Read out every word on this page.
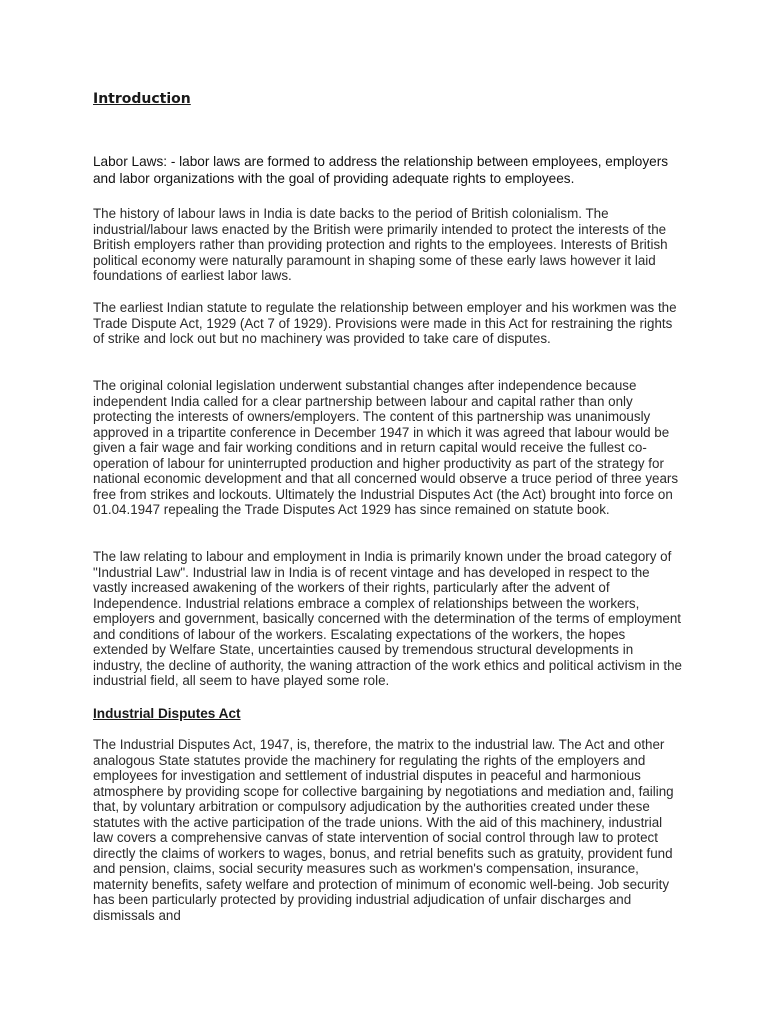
Introduction

Labor Laws: - labor laws are formed to address the relationship between employees, employers and labor organizations with the goal of providing adequate rights to employees.

The history of labour laws in India is date backs to the period of British colonialism. The industrial/labour laws enacted by the British were primarily intended to protect the interests of the British employers rather than providing protection and rights to the employees. Interests of British political economy were naturally paramount in shaping some of these early laws however it laid foundations of earliest labor laws.

The earliest Indian statute to regulate the relationship between employer and his workmen was the Trade Dispute Act, 1929 (Act 7 of 1929). Provisions were made in this Act for restraining the rights of strike and lock out but no machinery was provided to take care of disputes.

The original colonial legislation underwent substantial changes after independence because independent India called for a clear partnership between labour and capital rather than only protecting the interests of owners/employers. The content of this partnership was unanimously approved in a tripartite conference in December 1947 in which it was agreed that labour would be given a fair wage and fair working conditions and in return capital would receive the fullest co-operation of labour for uninterrupted production and higher productivity as part of the strategy for national economic development and that all concerned would observe a truce period of three years free from strikes and lockouts. Ultimately the Industrial Disputes Act (the Act) brought into force on 01.04.1947 repealing the Trade Disputes Act 1929 has since remained on statute book.

The law relating to labour and employment in India is primarily known under the broad category of "Industrial Law". Industrial law in India is of recent vintage and has developed in respect to the vastly increased awakening of the workers of their rights, particularly after the advent of Independence. Industrial relations embrace a complex of relationships between the workers, employers and government, basically concerned with the determination of the terms of employment and conditions of labour of the workers. Escalating expectations of the workers, the hopes extended by Welfare State, uncertainties caused by tremendous structural developments in industry, the decline of authority, the waning attraction of the work ethics and political activism in the industrial field, all seem to have played some role.

Industrial Disputes Act

The Industrial Disputes Act, 1947, is, therefore, the matrix to the industrial law. The Act and other analogous State statutes provide the machinery for regulating the rights of the employers and employees for investigation and settlement of industrial disputes in peaceful and harmonious atmosphere by providing scope for collective bargaining by negotiations and mediation and, failing that, by voluntary arbitration or compulsory adjudication by the authorities created under these statutes with the active participation of the trade unions. With the aid of this machinery, industrial law covers a comprehensive canvas of state intervention of social control through law to protect directly the claims of workers to wages, bonus, and retrial benefits such as gratuity, provident fund and pension, claims, social security measures such as workmen's compensation, insurance, maternity benefits, safety welfare and protection of minimum of economic well-being. Job security has been particularly protected by providing industrial adjudication of unfair discharges and dismissals and
